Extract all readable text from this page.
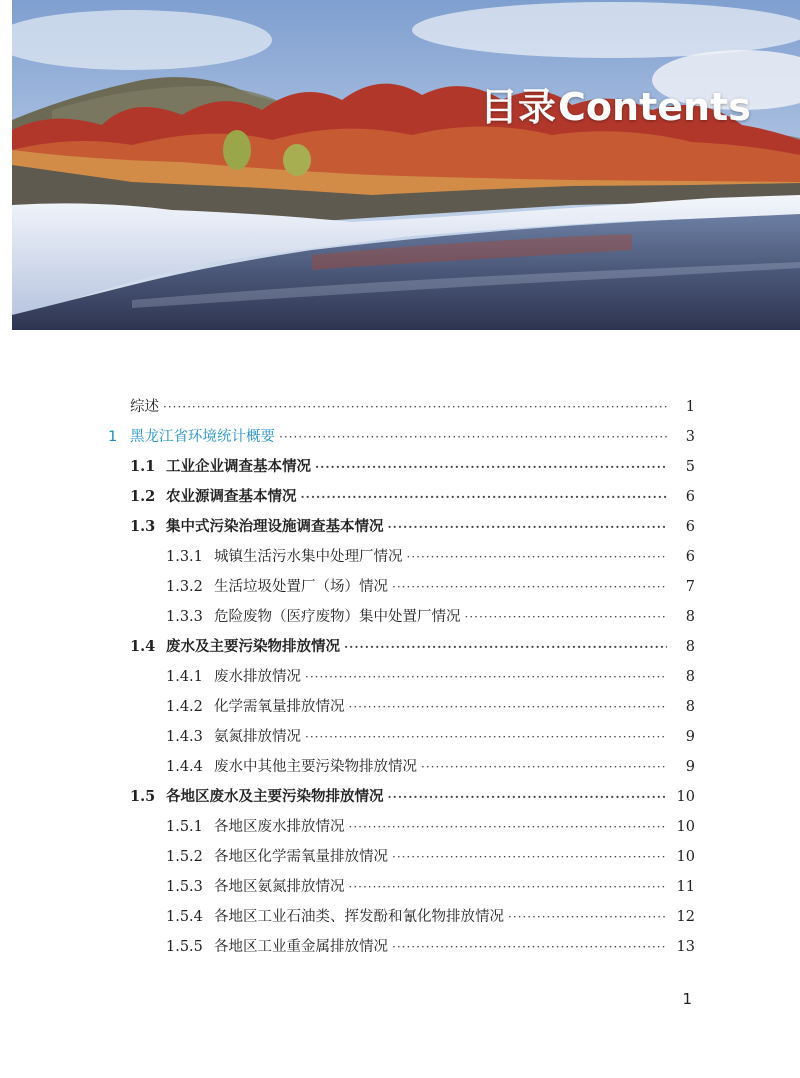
目录Contents
综述 ·····	1
1 黑龙江省环境统计概要 ·····	3
1.1 工业企业调查基本情况 ·····	5
1.2 农业源调查基本情况 ·····	6
1.3 集中式污染治理设施调查基本情况 ·····	6
1.3.1 城镇生活污水集中处理厂情况 ·····	6
1.3.2 生活垃圾处置厂（场）情况 ·····	7
1.3.3 危险废物（医疗废物）集中处置厂情况 ·····	8
1.4 废水及主要污染物排放情况 ·····	8
1.4.1 废水排放情况 ·····	8
1.4.2 化学需氧量排放情况 ·····	8
1.4.3 氨氮排放情况 ·····	9
1.4.4 废水中其他主要污染物排放情况 ·····	9
1.5 各地区废水及主要污染物排放情况 ·····	10
1.5.1 各地区废水排放情况 ·····	10
1.5.2 各地区化学需氧量排放情况 ·····	10
1.5.3 各地区氨氮排放情况 ·····	11
1.5.4 各地区工业石油类、挥发酚和氰化物排放情况 ·····	12
1.5.5 各地区工业重金属排放情况 ·····	13
1
